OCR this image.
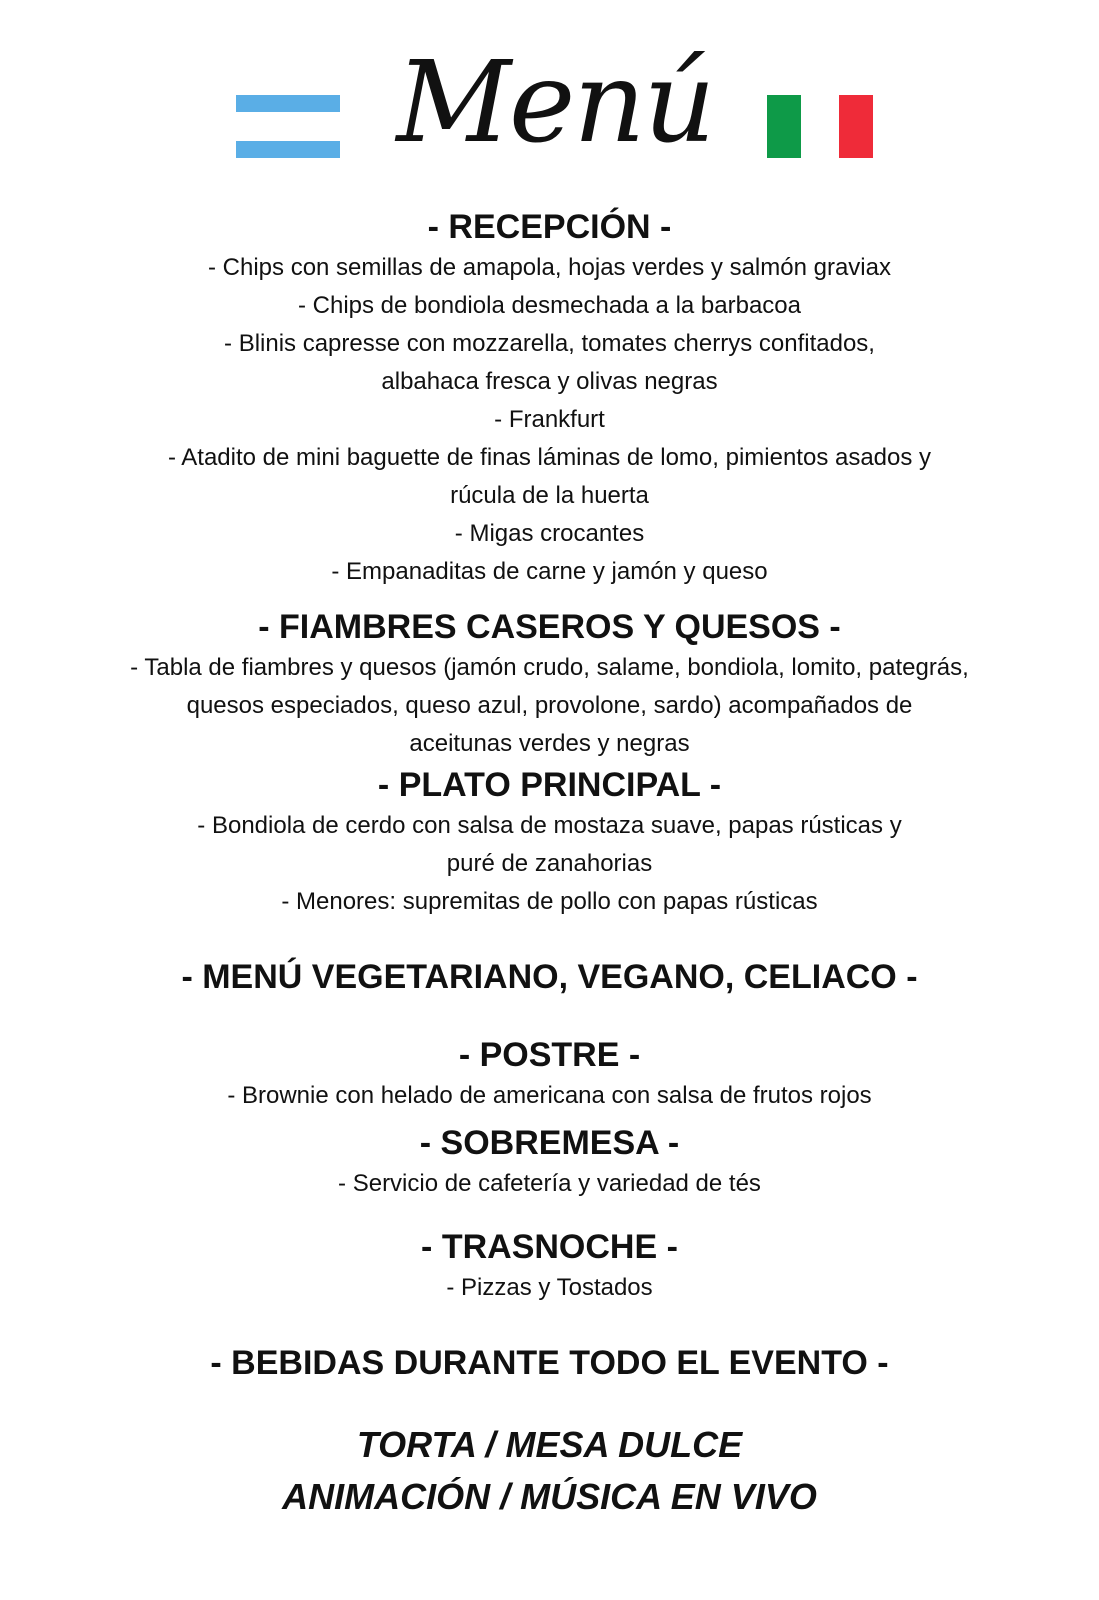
Menú
- RECEPCIÓN -

- Chips con semillas de amapola, hojas verdes y salmón graviax

- Chips de bondiola desmechada a la barbacoa

- Blinis capresse con mozzarella, tomates cherrys confitados,

albahaca fresca y olivas negras

- Frankfurt

- Atadito de mini baguette de finas láminas de lomo, pimientos asados y

rúcula de la huerta

- Migas crocantes

- Empanaditas de carne y jamón y queso

- FIAMBRES CASEROS Y QUESOS -

- Tabla de fiambres y quesos (jamón crudo, salame, bondiola, lomito, pategrás,

quesos especiados, queso azul, provolone, sardo) acompañados de

aceitunas verdes y negras

- PLATO PRINCIPAL -

- Bondiola de cerdo con salsa de mostaza suave, papas rústicas y

puré de zanahorias

- Menores: supremitas de pollo con papas rústicas

- MENÚ VEGETARIANO, VEGANO, CELIACO -
- POSTRE -

- Brownie con helado de americana con salsa de frutos rojos

- SOBREMESA -

- Servicio de cafetería y variedad de tés

- TRASNOCHE -

- Pizzas y Tostados

- BEBIDAS DURANTE TODO EL EVENTO -

TORTA / MESA DULCE

ANIMACIÓN / MÚSICA EN VIVO
